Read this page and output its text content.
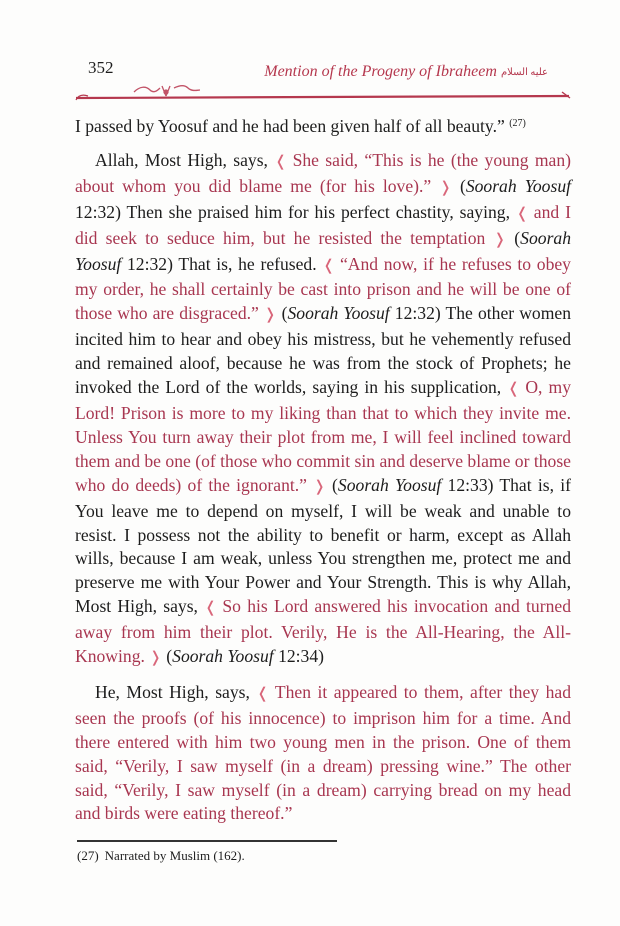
352	Mention of the Progeny of Ibraheem عليه السلام

I passed by Yoosuf and he had been given half of all beauty.” $^{(27)}$

Allah, Most High, says, ❬ She said, “This is he (the young man) about whom you did blame me (for his love).” ❭ (Soorah Yoosuf 12:32) Then she praised him for his perfect chastity, saying, ❬ and I did seek to seduce him, but he resisted the temptation ❭ (Soorah Yoosuf 12:32) That is, he refused. ❬ “And now, if he refuses to obey my order, he shall certainly be cast into prison and he will be one of those who are disgraced.” ❭ (Soorah Yoosuf 12:32) The other women incited him to hear and obey his mistress, but he vehemently refused and remained aloof, because he was from the stock of Prophets; he invoked the Lord of the worlds, saying in his supplication, ❬ O, my Lord! Prison is more to my liking than that to which they invite me. Unless You turn away their plot from me, I will feel inclined toward them and be one (of those who commit sin and deserve blame or those who do deeds) of the ignorant.” ❭ (Soorah Yoosuf 12:33) That is, if You leave me to depend on myself, I will be weak and unable to resist. I possess not the ability to benefit or harm, except as Allah wills, because I am weak, unless You strengthen me, protect me and preserve me with Your Power and Your Strength. This is why Allah, Most High, says, ❬ So his Lord answered his invocation and turned away from him their plot. Verily, He is the All-Hearing, the All-Knowing. ❭ (Soorah Yoosuf 12:34)

He, Most High, says, ❬ Then it appeared to them, after they had seen the proofs (of his innocence) to imprison him for a time. And there entered with him two young men in the prison. One of them said, “Verily, I saw myself (in a dream) pressing wine.” The other said, “Verily, I saw myself (in a dream) carrying bread on my head and birds were eating thereof.”

(27) Narrated by Muslim (162).
